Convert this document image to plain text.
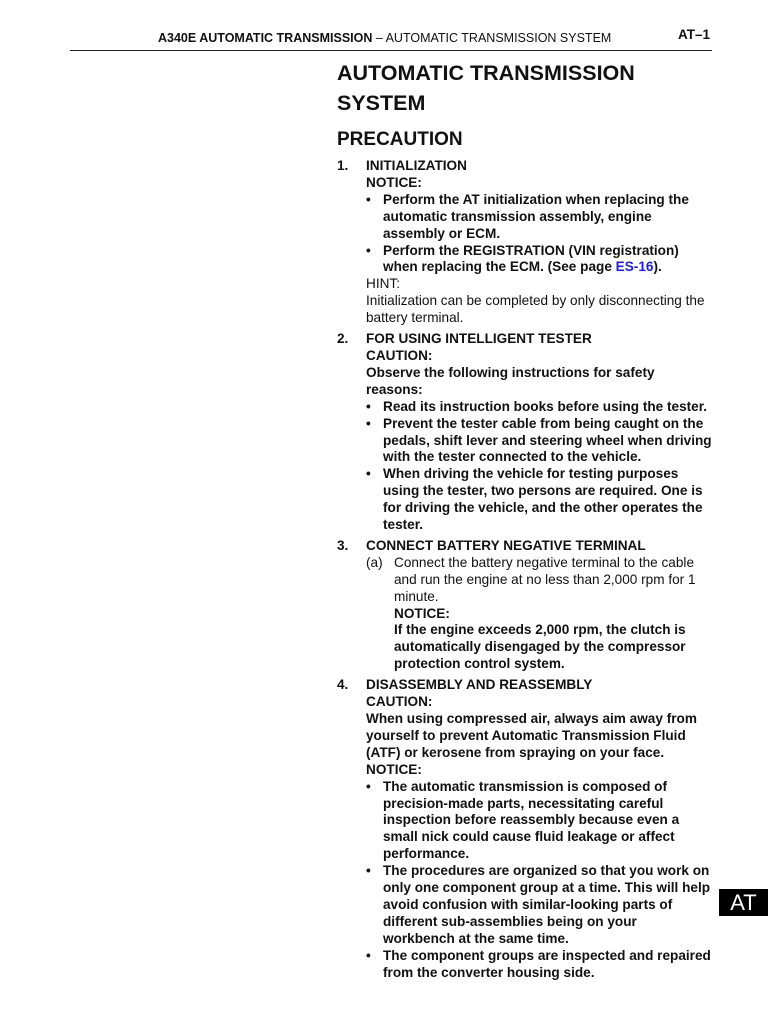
A340E AUTOMATIC TRANSMISSION – AUTOMATIC TRANSMISSION SYSTEM	AT–1
AUTOMATIC TRANSMISSION
SYSTEM
PRECAUTION
1. INITIALIZATION
NOTICE:
• Perform the AT initialization when replacing the automatic transmission assembly, engine assembly or ECM.
• Perform the REGISTRATION (VIN registration) when replacing the ECM. (See page ES-16).
HINT:
Initialization can be completed by only disconnecting the battery terminal.
2. FOR USING INTELLIGENT TESTER
CAUTION:
Observe the following instructions for safety reasons:
• Read its instruction books before using the tester.
• Prevent the tester cable from being caught on the pedals, shift lever and steering wheel when driving with the tester connected to the vehicle.
• When driving the vehicle for testing purposes using the tester, two persons are required. One is for driving the vehicle, and the other operates the tester.
3. CONNECT BATTERY NEGATIVE TERMINAL
(a) Connect the battery negative terminal to the cable and run the engine at no less than 2,000 rpm for 1 minute.
NOTICE:
If the engine exceeds 2,000 rpm, the clutch is automatically disengaged by the compressor protection control system.
4. DISASSEMBLY AND REASSEMBLY
CAUTION:
When using compressed air, always aim away from yourself to prevent Automatic Transmission Fluid (ATF) or kerosene from spraying on your face.
NOTICE:
• The automatic transmission is composed of precision-made parts, necessitating careful inspection before reassembly because even a small nick could cause fluid leakage or affect performance.
• The procedures are organized so that you work on only one component group at a time. This will help avoid confusion with similar-looking parts of different sub-assemblies being on your workbench at the same time.
• The component groups are inspected and repaired from the converter housing side.
AT
